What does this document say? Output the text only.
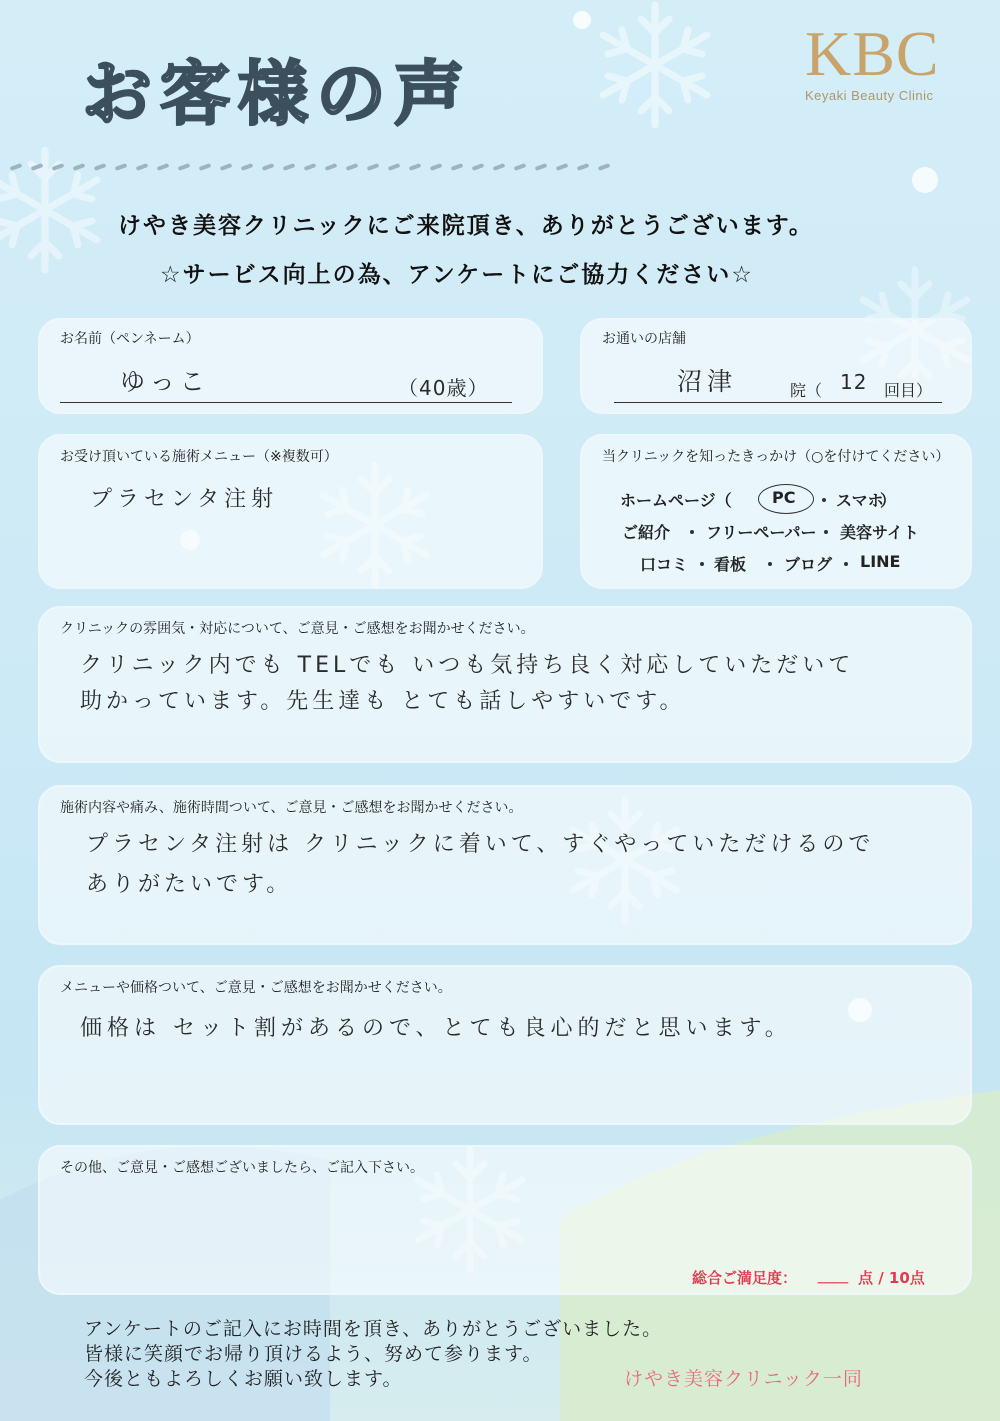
お客様の声	KBC
Keyaki Beauty Clinic
けやき美容クリニックにご来院頂き、ありがとうございます。
☆サービス向上の為、アンケートにご協力ください☆
お名前（ペンネーム）
ゆっこ	（40歳）
お通いの店舗
沼津	院（ 12 回目）
お受け頂いている施術メニュー（※複数可）
プラセンタ注射
当クリニックを知ったきっかけ（○を付けてください）
ホームページ（	PC	スマホ
）
ご紹介 フリーペーパー 美容サイト
口コミ 看板 ブログ LINE
クリニックの雰囲気・対応について、ご意見・ご感想をお聞かせください。
クリニック内でも TELでも いつも気持ち良く対応していただいて
助かっています。先生達も とても話しやすいです。
施術内容や痛み、施術時間ついて、ご意見・ご感想をお聞かせください。
プラセンタ注射は クリニックに着いて、すぐやっていただけるので
ありがたいです。
メニューや価格ついて、ご意見・ご感想をお聞かせください。
価格は セット割があるので、とても良心的だと思います。
その他、ご意見・ご感想ございましたら、ご記入下さい。
総合ご満足度： ＿＿ 点 / 10点
アンケートのご記入にお時間を頂き、ありがとうございました。
皆様に笑顔でお帰り頂けるよう、努めて参ります。
今後ともよろしくお願い致します。	けやき美容クリニック一同
